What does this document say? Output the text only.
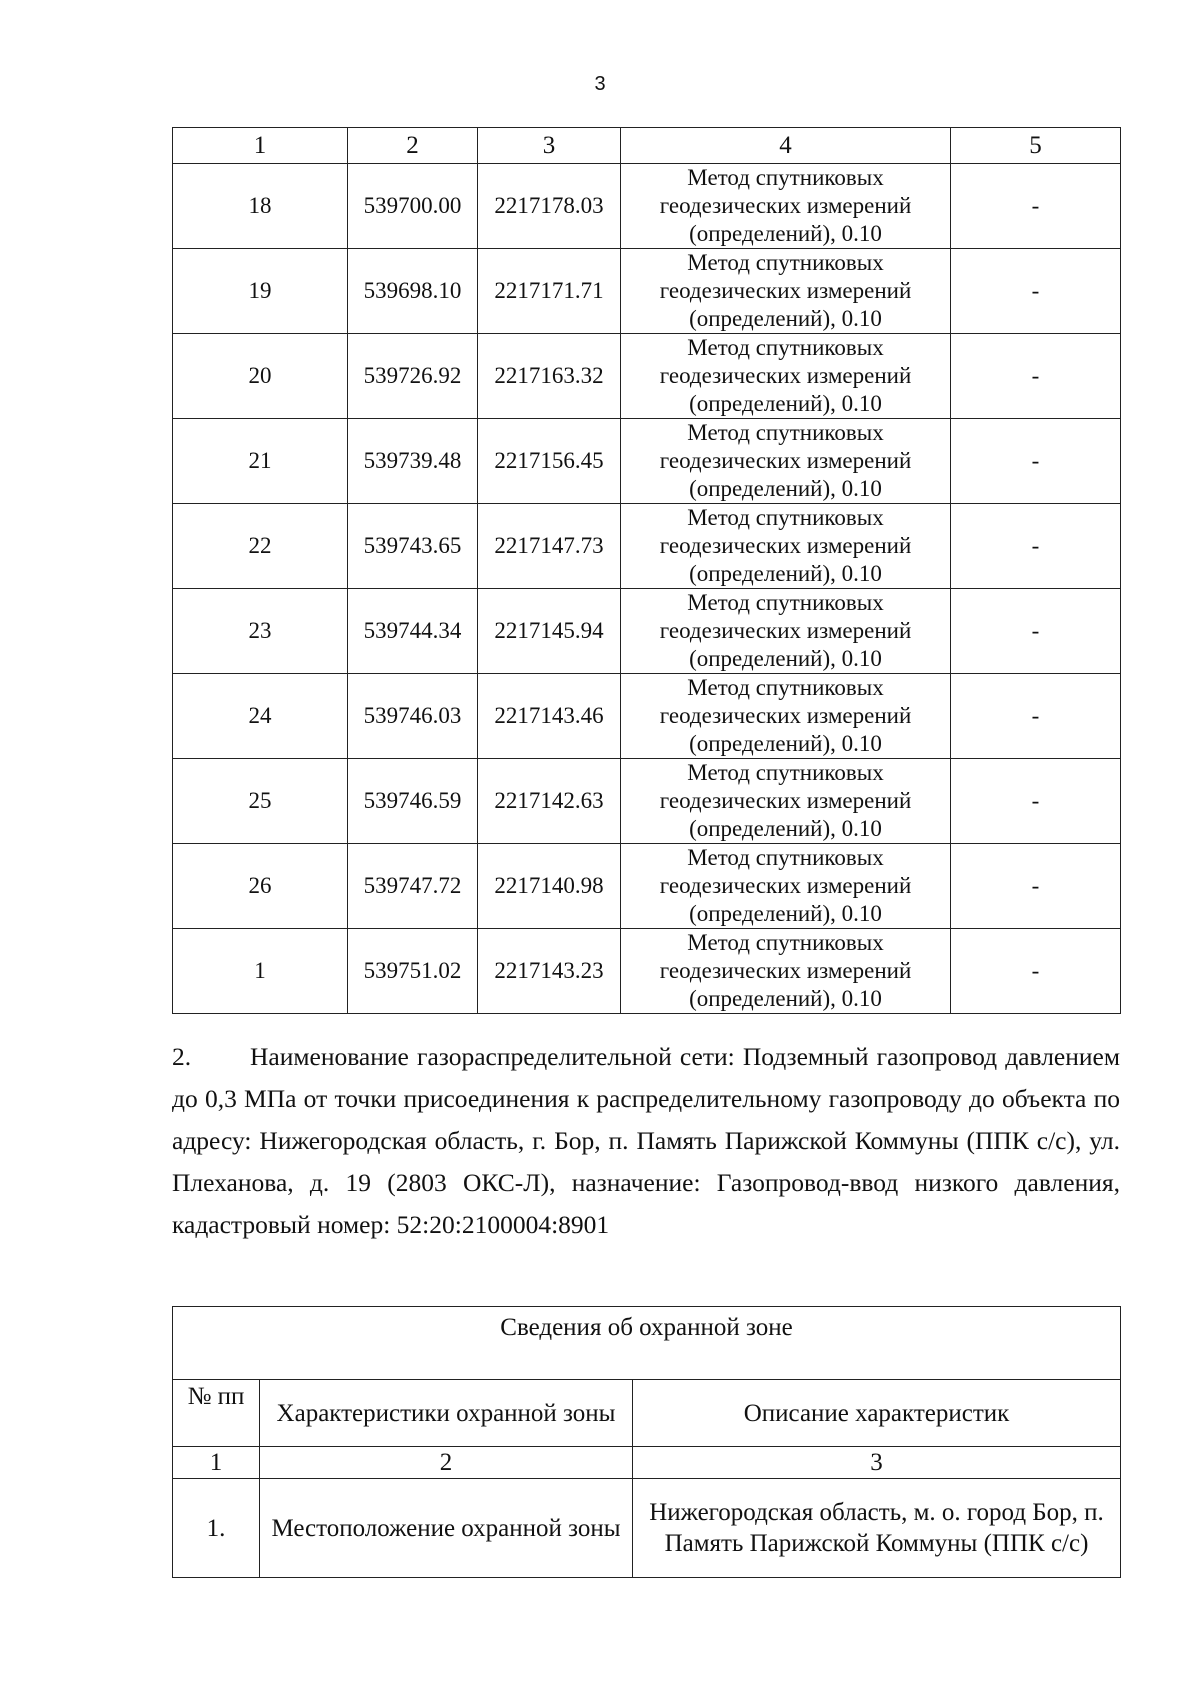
3
1	2	3	4	5
18	539700.00	2217178.03	Метод спутниковых
геодезических измерений
(определений), 0.10	-
19	539698.10	2217171.71	Метод спутниковых
геодезических измерений
(определений), 0.10	-
20	539726.92	2217163.32	Метод спутниковых
геодезических измерений
(определений), 0.10	-
21	539739.48	2217156.45	Метод спутниковых
геодезических измерений
(определений), 0.10	-
22	539743.65	2217147.73	Метод спутниковых
геодезических измерений
(определений), 0.10	-
23	539744.34	2217145.94	Метод спутниковых
геодезических измерений
(определений), 0.10	-
24	539746.03	2217143.46	Метод спутниковых
геодезических измерений
(определений), 0.10	-
25	539746.59	2217142.63	Метод спутниковых
геодезических измерений
(определений), 0.10	-
26	539747.72	2217140.98	Метод спутниковых
геодезических измерений
(определений), 0.10	-
1	539751.02	2217143.23	Метод спутниковых
геодезических измерений
(определений), 0.10	-

2. Наименование газораспределительной сети: Подземный газопровод давлением до 0,3 МПа от точки присоединения к распределительному газопроводу до объекта по адресу: Нижегородская область, г. Бор, п. Память Парижской Коммуны (ППК с/с), ул. Плеханова, д. 19 (2803 ОКС-Л), назначение: Газопровод-ввод низкого давления, кадастровый номер: 52:20:2100004:8901

Сведения об охранной зоне		
№ пп	Характеристики охранной зоны	Описание характеристик
1	2	3
1.	Местоположение охранной зоны	Нижегородская область, м. о. город Бор, п. Память Парижской Коммуны (ППК с/с)
